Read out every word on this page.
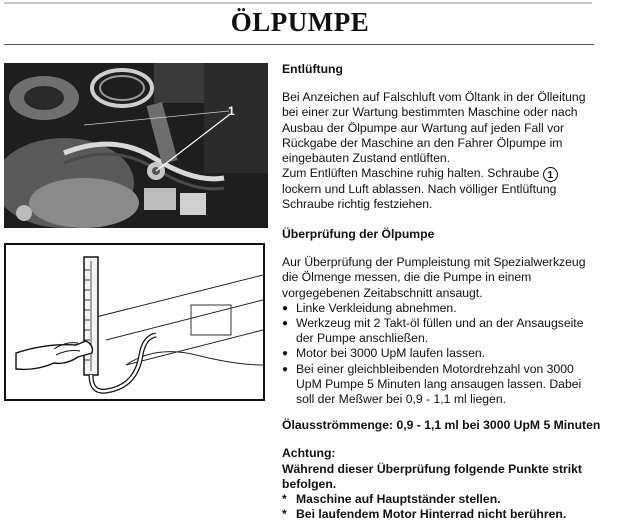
ÖLPUMPE
1

Entlüftung

Bei Anzeichen auf Falschluft vom Öltank in der Ölleitung bei einer zur Wartung bestimmten Maschine oder nach Ausbau der Ölpumpe aur Wartung auf jeden Fall vor Rückgabe der Maschine an den Fahrer Ölpumpe im eingebauten Zustand entlüften.

Zum Entlüften Maschine ruhig halten. Schraube 1 lockern und Luft ablassen. Nach völliger Entlüftung Schraube richtig festziehen.

Überprüfung der Ölpumpe

Aur Überprüfung der Pumpleistung mit Spezialwerkzeug die Ölmenge messen, die die Pumpe in einem vorgegebenen Zeitabschnitt ansaugt.

● Linke Verkleidung abnehmen.
● Werkzeug mit 2 Takt-öl füllen und an der Ansaugseite der Pumpe anschließen.
● Motor bei 3000 UpM laufen lassen.
● Bei einer gleichbleibenden Motordrehzahl von 3000 UpM Pumpe 5 Minuten lang ansaugen lassen. Dabei soll der Meßwer bei 0,9 - 1,1 ml liegen.

Ölausströmmenge: 0,9 - 1,1 ml bei 3000 UpM 5 Minuten

Achtung:

Während dieser Überprüfung folgende Punkte strikt befolgen.

* Maschine auf Hauptständer stellen.
* Bei laufendem Motor Hinterrad nicht berühren.
